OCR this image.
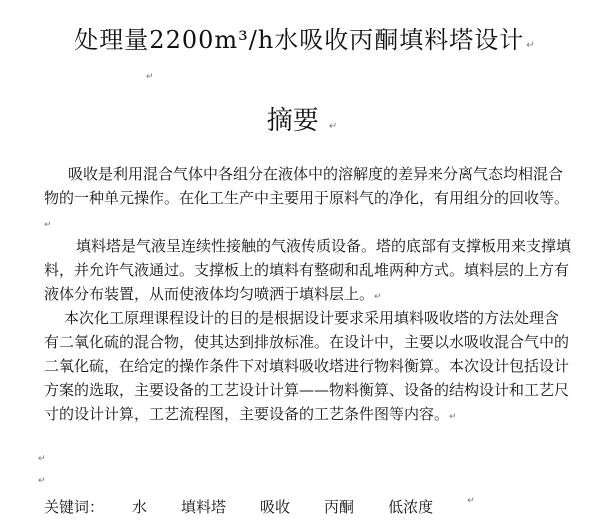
处理量2200m³/h水吸收丙酮填料塔设计 ↵
↵
摘要 ↵

吸收是利用混合气体中各组分在液体中的溶解度的差异来分离气态均相混合物的一种单元操作。在化工生产中主要用于原料气的净化，有用组分的回收等。↵

填料塔是气液呈连续性接触的气液传质设备。塔的底部有支撑板用来支撑填料，并允许气液通过。支撑板上的填料有整砌和乱堆两种方式。填料层的上方有液体分布装置，从而使液体均匀喷洒于填料层上。↵

本次化工原理课程设计的目的是根据设计要求采用填料吸收塔的方法处理含有二氧化硫的混合物，使其达到排放标准。在设计中，主要以水吸收混合气中的二氧化硫，在给定的操作条件下对填料吸收塔进行物料衡算。本次设计包括设计方案的选取，主要设备的工艺设计计算——物料衡算、设备的结构设计和工艺尺寸的设计计算，工艺流程图，主要设备的工艺条件图等内容。↵

↵
↵
关键词：	水 填料塔 吸收 丙酮 低浓度	↵
